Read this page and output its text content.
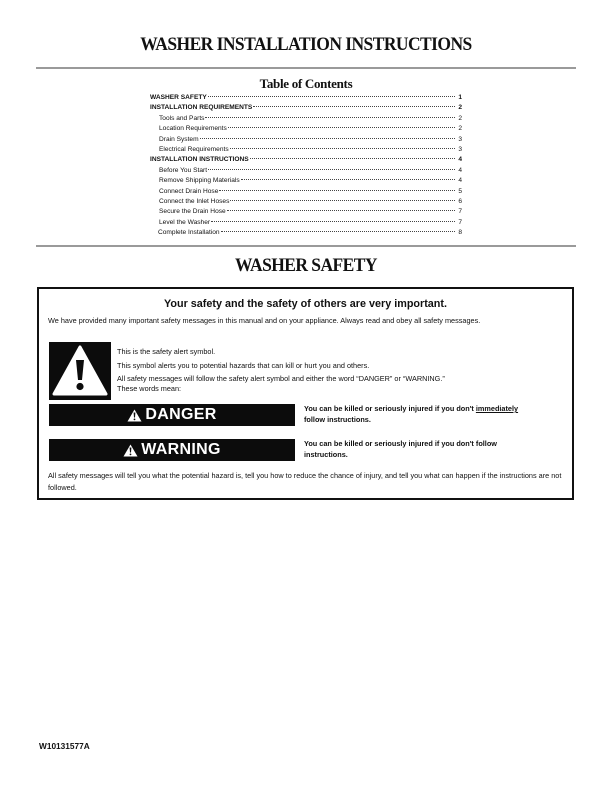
WASHER INSTALLATION INSTRUCTIONS
Table of Contents
WASHER SAFETY	1
INSTALLATION REQUIREMENTS	2
Tools and Parts	2
Location Requirements	2
Drain System	3
Electrical Requirements	3
INSTALLATION INSTRUCTIONS	4
Before You Start	4
Remove Shipping Materials	4
Connect Drain Hose	5
Connect the Inlet Hoses	6
Secure the Drain Hose	7
Level the Washer	7
Complete Installation	8
WASHER SAFETY
Your safety and the safety of others are very important.
We have provided many important safety messages in this manual and on your appliance. Always read and obey all safety messages.
This is the safety alert symbol.
This symbol alerts you to potential hazards that can kill or hurt you and others.
All safety messages will follow the safety alert symbol and either the word “DANGER” or “WARNING.”
These words mean:
DANGER	You can be killed or seriously injured if you don't immediately
follow instructions.
WARNING	You can be killed or seriously injured if you don't follow
instructions.
All safety messages will tell you what the potential hazard is, tell you how to reduce the chance of injury, and tell you what can happen if the instructions are not followed.
W10131577A
